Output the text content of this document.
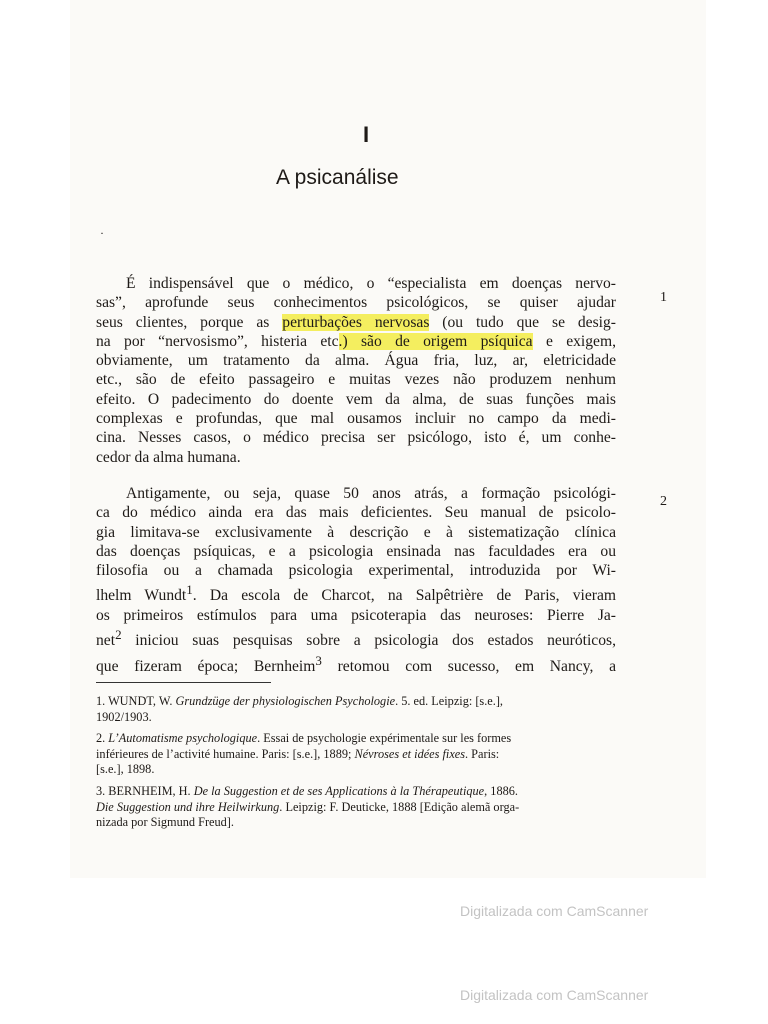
I
A psicanálise
·

É indispensável que o médico, o “especialista em doenças nervo-
sas”, aprofunde seus conhecimentos psicológicos, se quiser ajudar
seus clientes, porque as perturbações nervosas (ou tudo que se desig-
na por “nervosismo”, histeria etc.) são de origem psíquica e exigem,
obviamente, um tratamento da alma. Água fria, luz, ar, eletricidade
etc., são de efeito passageiro e muitas vezes não produzem nenhum
efeito. O padecimento do doente vem da alma, de suas funções mais
complexas e profundas, que mal ousamos incluir no campo da medi-
cina. Nesses casos, o médico precisa ser psicólogo, isto é, um conhe-
cedor da alma humana.

1

Antigamente, ou seja, quase 50 anos atrás, a formação psicológi-
ca do médico ainda era das mais deficientes. Seu manual de psicolo-
gia limitava-se exclusivamente à descrição e à sistematização clínica
das doenças psíquicas, e a psicologia ensinada nas faculdades era ou
filosofia ou a chamada psicologia experimental, introduzida por Wi-
lhelm Wundt$^1$. Da escola de Charcot, na Salpêtrière de Paris, vieram
os primeiros estímulos para uma psicoterapia das neuroses: Pierre Ja-
net$^2$ iniciou suas pesquisas sobre a psicologia dos estados neuróticos,
que fizeram época; Bernheim$^3$ retomou com sucesso, em Nancy, a

2

1. WUNDT, W. Grundzüge der physiologischen Psychologie. 5. ed. Leipzig: [s.e.],
1902/1903.

2. L’Automatisme psychologique. Essai de psychologie expérimentale sur les formes
inférieures de l’activité humaine. Paris: [s.e.], 1889; Névroses et idées fixes. Paris:
[s.e.], 1898.

3. BERNHEIM, H. De la Suggestion et de ses Applications à la Thérapeutique, 1886.
Die Suggestion und ihre Heilwirkung. Leipzig: F. Deuticke, 1888 [Edição alemã orga-
nizada por Sigmund Freud].

Digitalizada com CamScanner
Digitalizada com CamScanner
